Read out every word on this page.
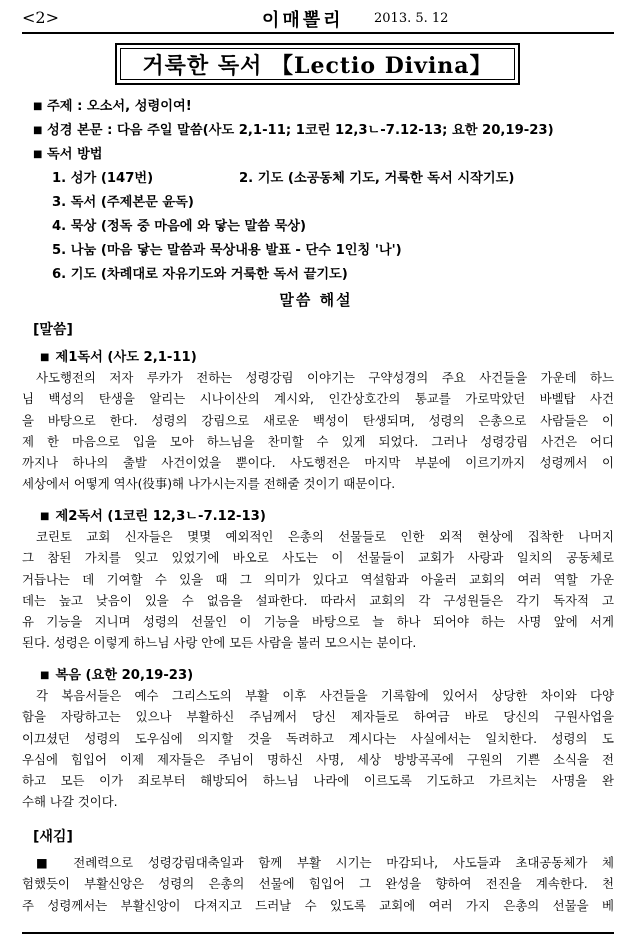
<2>	이매뽈리 2013. 5. 12
거룩한 독서 【Lectio Divina】
■ 주제 : 오소서, 성령이여!
■ 성경 본문 : 다음 주일 말씀(사도 2,1-11; 1코린 12,3ㄴ-7.12-13; 요한 20,19-23)
■ 독서 방법
1. 성가 (147번)	2. 기도 (소공동체 기도, 거룩한 독서 시작기도)
3. 독서 (주제본문 윤독)
4. 묵상 (정독 중 마음에 와 닿는 말씀 묵상)
5. 나눔 (마음 닿는 말씀과 묵상내용 발표 - 단수 1인칭 '나')
6. 기도 (차례대로 자유기도와 거룩한 독서 끝기도)
말씀 해설
[말씀]
■ 제1독서 (사도 2,1-11)
사도행전의 저자 루카가 전하는 성령강림 이야기는 구약성경의 주요 사건들을 가운데 하느
님 백성의 탄생을 알리는 시나이산의 계시와, 인간상호간의 통교를 가로막았던 바벨탑 사건
을 바탕으로 한다. 성령의 강림으로 새로운 백성이 탄생되며, 성령의 은총으로 사람들은 이
제 한 마음으로 입을 모아 하느님을 찬미할 수 있게 되었다. 그러나 성령강림 사건은 어디
까지나 하나의 출발 사건이었을 뿐이다. 사도행전은 마지막 부분에 이르기까지 성령께서 이
세상에서 어떻게 역사(役事)해 나가시는지를 전해줄 것이기 때문이다.
■ 제2독서 (1코린 12,3ㄴ-7.12-13)
코린토 교회 신자들은 몇몇 예외적인 은총의 선물들로 인한 외적 현상에 집착한 나머지
그 참된 가치를 잊고 있었기에 바오로 사도는 이 선물들이 교회가 사랑과 일치의 공동체로
거듭나는 데 기여할 수 있을 때 그 의미가 있다고 역설함과 아울러 교회의 여러 역할 가운
데는 높고 낮음이 있을 수 없음을 설파한다. 따라서 교회의 각 구성원들은 각기 독자적 고
유 기능을 지니며 성령의 선물인 이 기능을 바탕으로 늘 하나 되어야 하는 사명 앞에 서게
된다. 성령은 이렇게 하느님 사랑 안에 모든 사람을 불러 모으시는 분이다.
■ 복음 (요한 20,19-23)
각 복음서들은 예수 그리스도의 부활 이후 사건들을 기록함에 있어서 상당한 차이와 다양
함을 자랑하고는 있으나 부활하신 주님께서 당신 제자들로 하여금 바로 당신의 구원사업을
이끄셨던 성령의 도우심에 의지할 것을 독려하고 계시다는 사실에서는 일치한다. 성령의 도
우심에 힘입어 이제 제자들은 주님이 명하신 사명, 세상 방방곡곡에 구원의 기쁜 소식을 전
하고 모든 이가 죄로부터 해방되어 하느님 나라에 이르도록 기도하고 가르치는 사명을 완
수해 나갈 것이다.
[새김]
■ 전례력으로 성령강림대축일과 함께 부활 시기는 마감되나, 사도들과 초대공동체가 체
험했듯이 부활신앙은 성령의 은총의 선물에 힘입어 그 완성을 향하여 전진을 계속한다. 천
주 성령께서는 부활신앙이 다져지고 드러날 수 있도록 교회에 여러 가지 은총의 선물을 베
